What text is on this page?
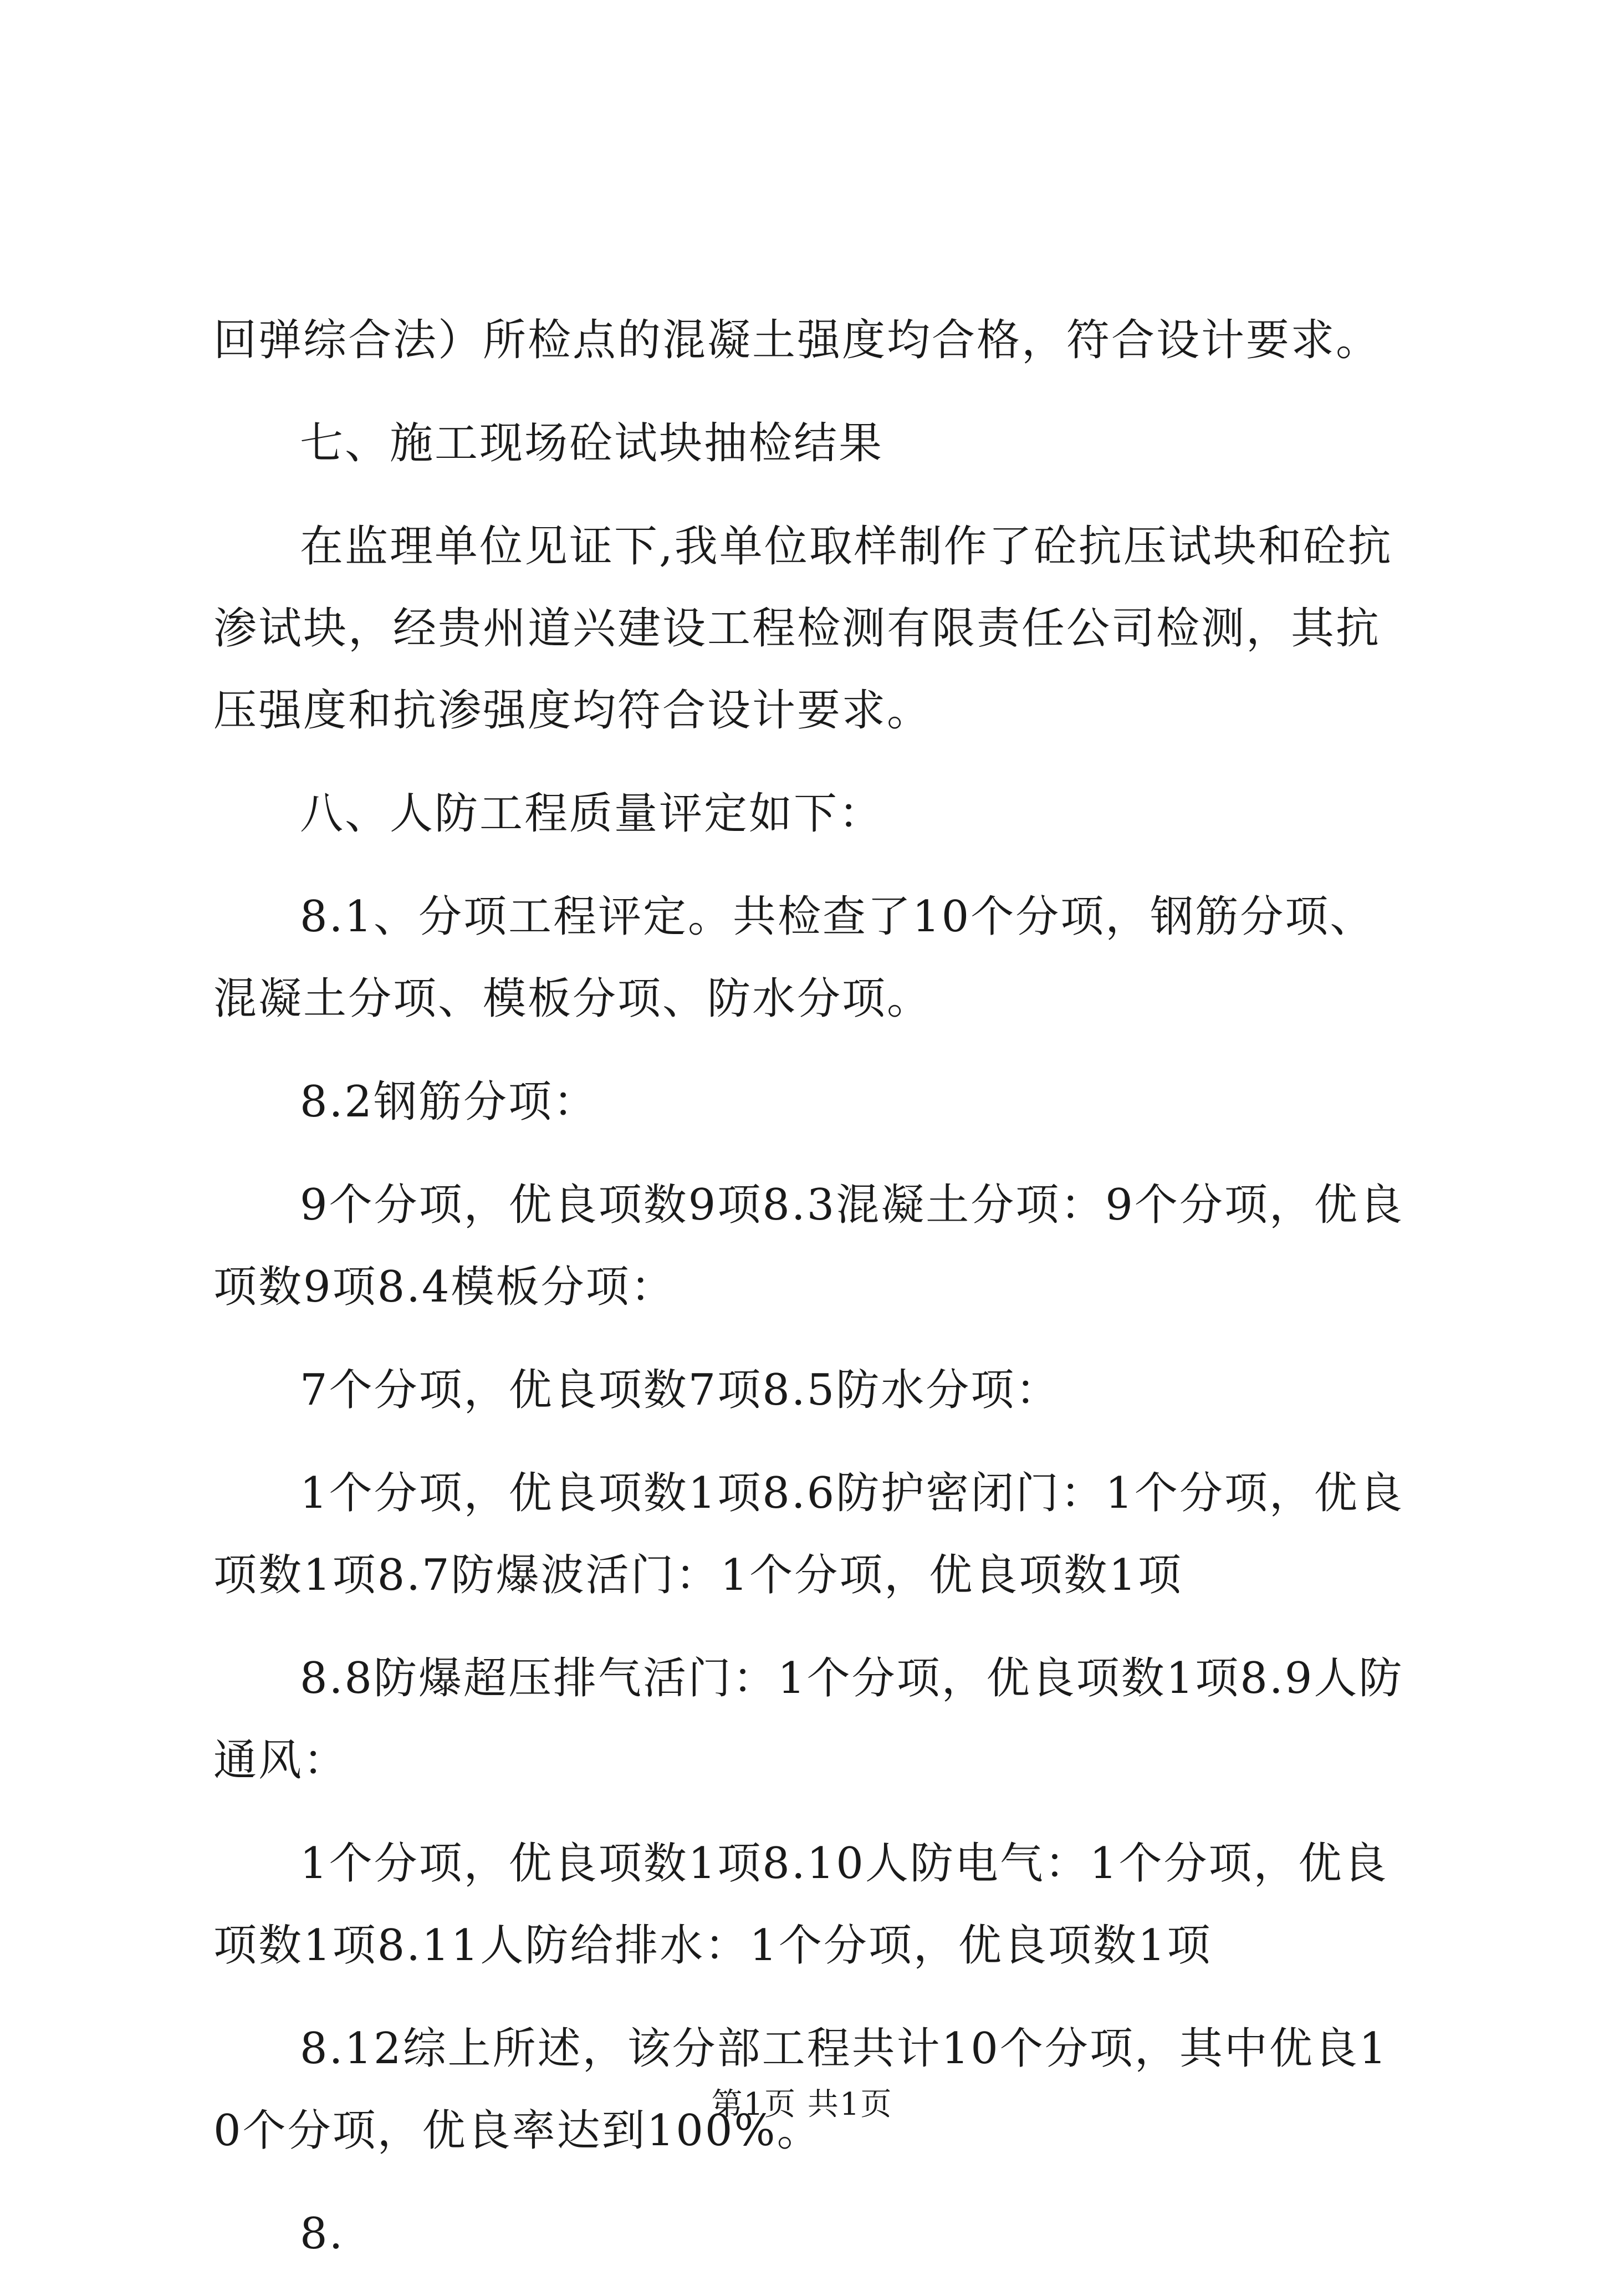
回弹综合法）所检点的混凝土强度均合格，符合设计要求。

七、施工现场砼试块抽检结果

在监理单位见证下,我单位取样制作了砼抗压试块和砼抗渗试块，经贵州道兴建设工程检测有限责任公司检测，其抗压强度和抗渗强度均符合设计要求。

八、人防工程质量评定如下：

8.1、分项工程评定。共检查了10个分项，钢筋分项、混凝土分项、模板分项、防水分项。

8.2钢筋分项：

9个分项，优良项数9项8.3混凝土分项：9个分项，优良项数9项8.4模板分项：

7个分项，优良项数7项8.5防水分项：

1个分项，优良项数1项8.6防护密闭门：1个分项，优良项数1项8.7防爆波活门：1个分项，优良项数1项

8.8防爆超压排气活门：1个分项，优良项数1项8.9人防通风：

1个分项，优良项数1项8.10人防电气：1个分项，优良项数1项8.11人防给排水：1个分项，优良项数1项

8.12综上所述，该分部工程共计10个分项，其中优良10个分项，优良率达到100%。

8.

第1页 共1页
